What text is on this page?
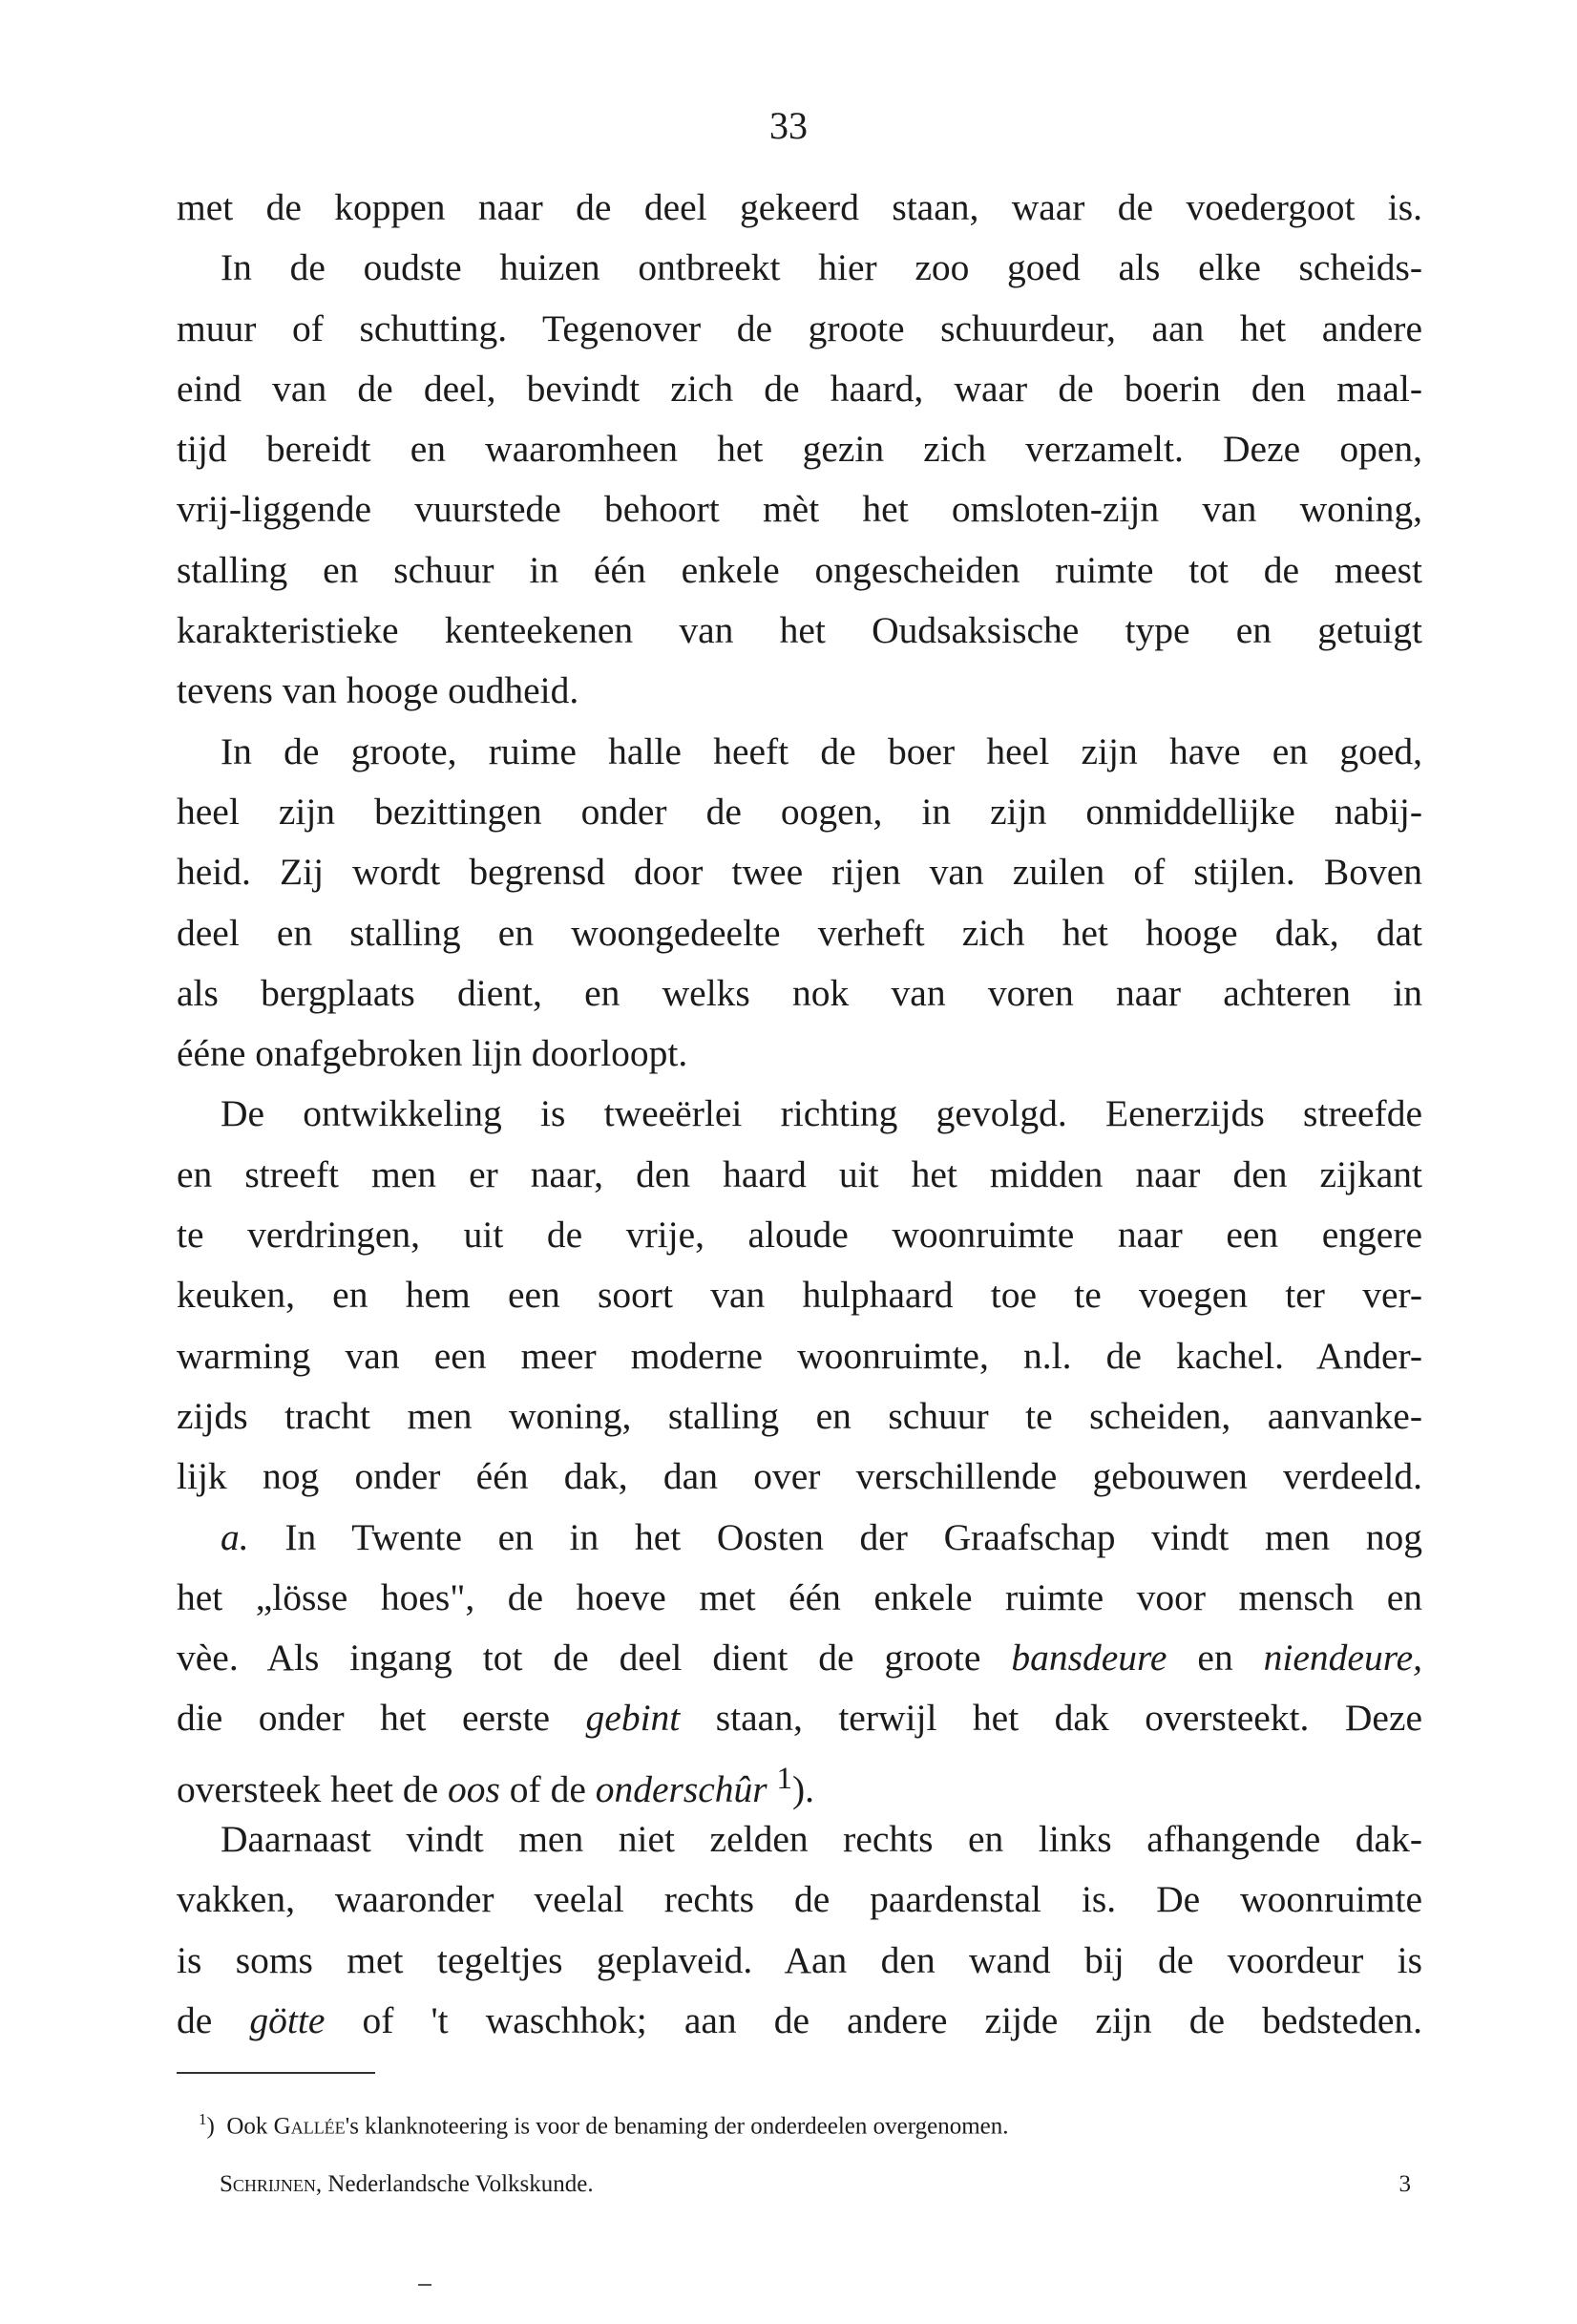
33
met de koppen naar de deel gekeerd staan, waar de voedergoot is.
In de oudste huizen ontbreekt hier zoo goed als elke scheids-
muur of schutting. Tegenover de groote schuurdeur, aan het andere
eind van de deel, bevindt zich de haard, waar de boerin den maal-
tijd bereidt en waaromheen het gezin zich verzamelt. Deze open,
vrij-liggende vuurstede behoort mèt het omsloten-zijn van woning,
stalling en schuur in één enkele ongescheiden ruimte tot de meest
karakteristieke kenteekenen van het Oudsaksische type en getuigt
tevens van hooge oudheid.
In de groote, ruime halle heeft de boer heel zijn have en goed,
heel zijn bezittingen onder de oogen, in zijn onmiddellijke nabij-
heid. Zij wordt begrensd door twee rijen van zuilen of stijlen. Boven
deel en stalling en woongedeelte verheft zich het hooge dak, dat
als bergplaats dient, en welks nok van voren naar achteren in
ééne onafgebroken lijn doorloopt.
De ontwikkeling is tweeërlei richting gevolgd. Eenerzijds streefde
en streeft men er naar, den haard uit het midden naar den zijkant
te verdringen, uit de vrije, aloude woonruimte naar een engere
keuken, en hem een soort van hulphaard toe te voegen ter ver-
warming van een meer moderne woonruimte, n.l. de kachel. Ander-
zijds tracht men woning, stalling en schuur te scheiden, aanvanke-
lijk nog onder één dak, dan over verschillende gebouwen verdeeld.
a. In Twente en in het Oosten der Graafschap vindt men nog
het „lösse hoes", de hoeve met één enkele ruimte voor mensch en
vèe. Als ingang tot de deel dient de groote bansdeure en niendeure,
die onder het eerste gebint staan, terwijl het dak oversteekt. Deze
oversteek heet de oos of de onderschûr $^1$).
Daarnaast vindt men niet zelden rechts en links afhangende dak-
vakken, waaronder veelal rechts de paardenstal is. De woonruimte
is soms met tegeltjes geplaveid. Aan den wand bij de voordeur is
de götte of 't waschhok; aan de andere zijde zijn de bedsteden.
$^1$) Ook Gallée's klanknoteering is voor de benaming der onderdeelen overgenomen.
Schrijnen, Nederlandsche Volkskunde.	3
